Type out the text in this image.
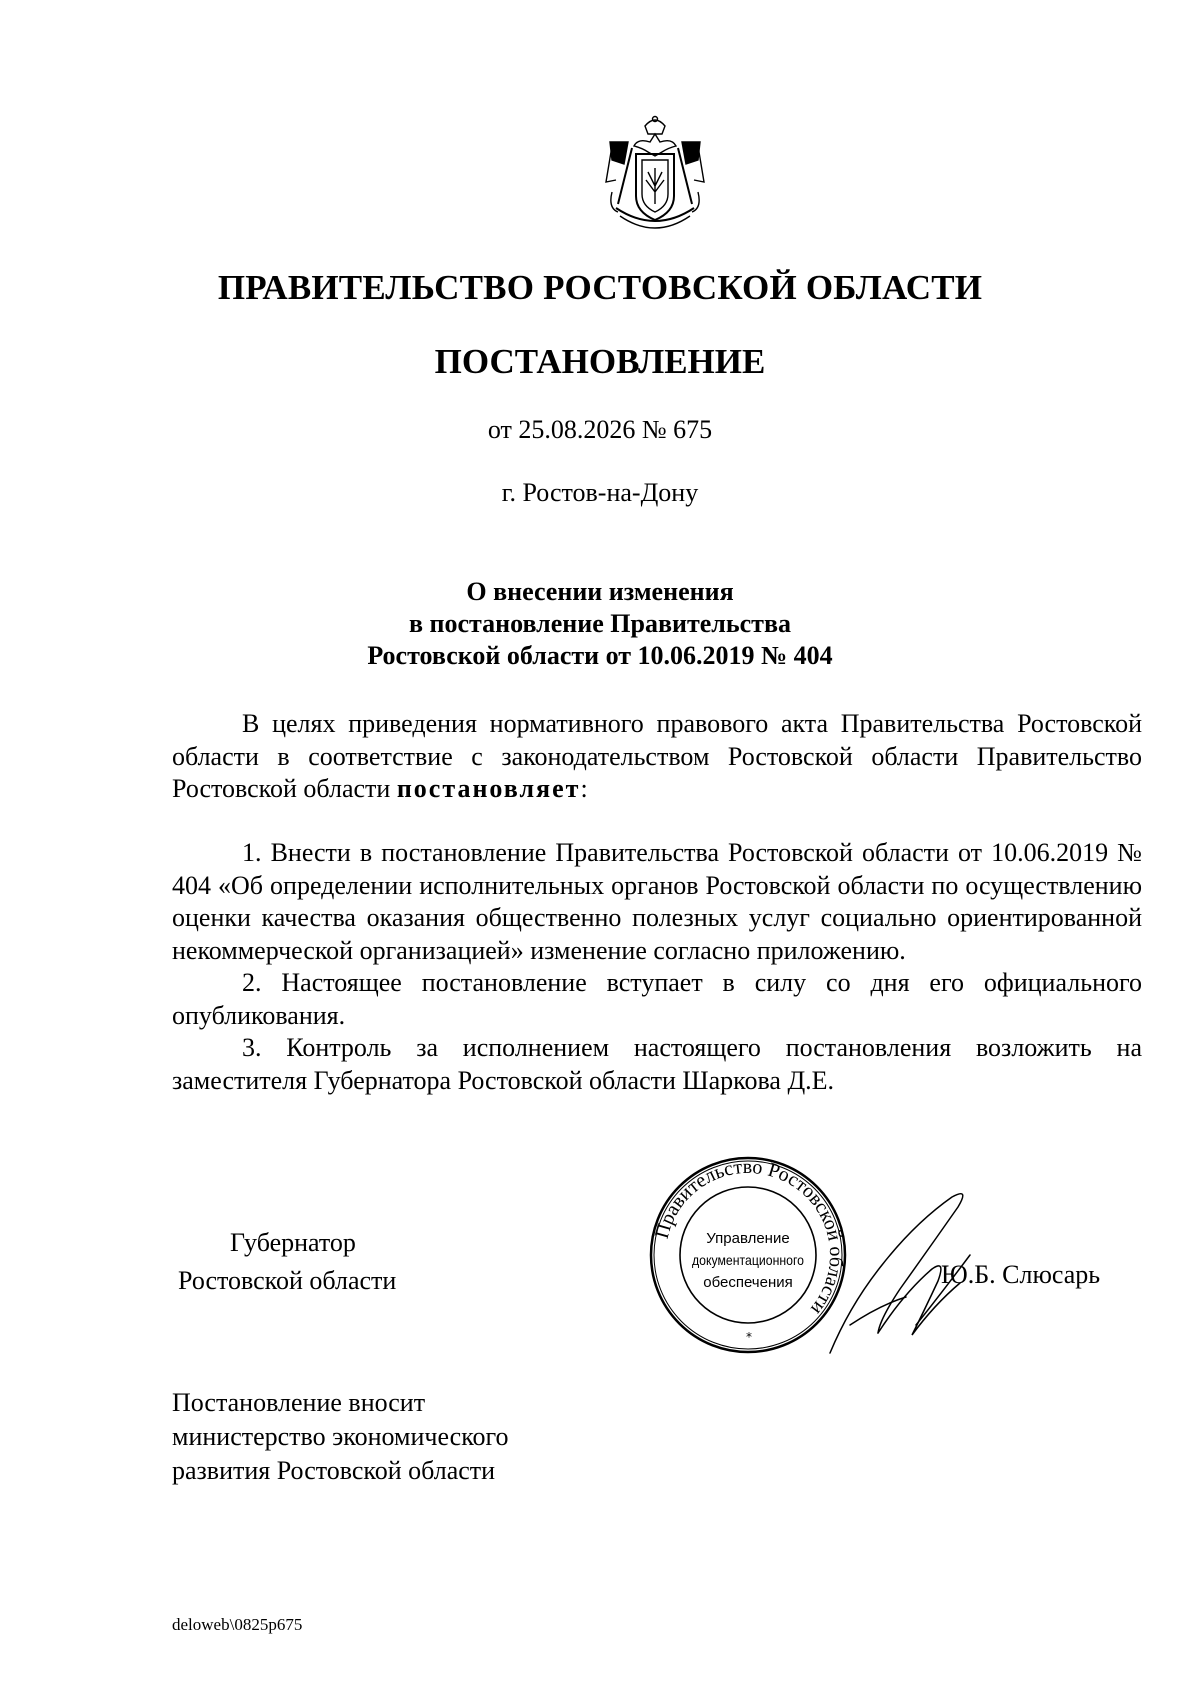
ПРАВИТЕЛЬСТВО РОСТОВСКОЙ ОБЛАСТИ
ПОСТАНОВЛЕНИЕ
от 25.08.2026 № 675
г. Ростов-на-Дону
О внесении изменения
в постановление Правительства
Ростовской области от 10.06.2019 № 404

В целях приведения нормативного правового акта Правительства Ростовской области в соответствие с законодательством Ростовской области Правительство Ростовской области постановляет:

1. Внести в постановление Правительства Ростовской области от 10.06.2019 № 404 «Об определении исполнительных органов Ростовской области по осуществлению оценки качества оказания общественно полезных услуг социально ориентированной некоммерческой организацией» изменение согласно приложению.

2. Настоящее постановление вступает в силу со дня его официального опубликования.

3. Контроль за исполнением настоящего постановления возложить на заместителя Губернатора Ростовской области Шаркова Д.Е.

Губернатор
Ростовской области
Правительство Ростовской области
Управление
документационного
обеспечения
*
Ю.Б. Слюсарь
Постановление вносит
министерство экономического
развития Ростовской области
deloweb\0825p675
